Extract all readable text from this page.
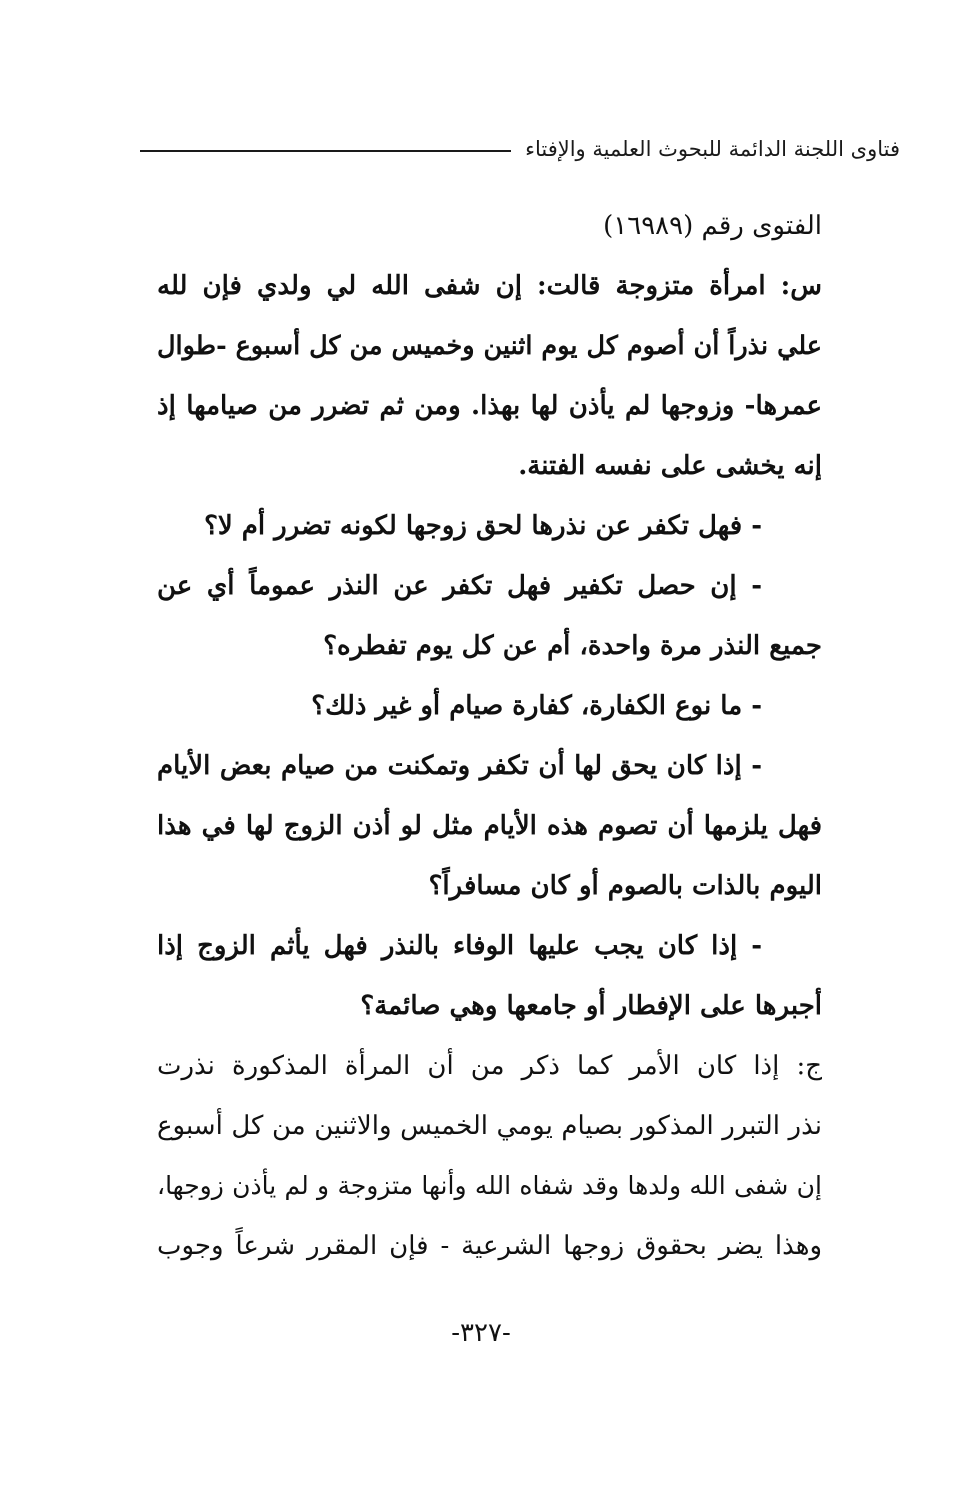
فتاوى اللجنة الدائمة للبحوث العلمية والإفتاء
الفتوى رقم (١٦٩٨٩)
س: امرأة متزوجة قالت: إن شفى الله لي ولدي فإن لله
علي نذراً أن أصوم كل يوم اثنين وخميس من كل أسبوع -طوال
عمرها- وزوجها لم يأذن لها بهذا. ومن ثم تضرر من صيامها إذ
إنه يخشى على نفسه الفتنة.
- فهل تكفر عن نذرها لحق زوجها لكونه تضرر أم لا؟
- إن حصل تكفير فهل تكفر عن النذر عموماً أي عن
جميع النذر مرة واحدة، أم عن كل يوم تفطره؟
- ما نوع الكفارة، كفارة صيام أو غير ذلك؟
- إذا كان يحق لها أن تكفر وتمكنت من صيام بعض الأيام
فهل يلزمها أن تصوم هذه الأيام مثل لو أذن الزوج لها في هذا
اليوم بالذات بالصوم أو كان مسافراً؟
- إذا كان يجب عليها الوفاء بالنذر فهل يأثم الزوج إذا
أجبرها على الإفطار أو جامعها وهي صائمة؟
ج: إذا كان الأمر كما ذكر من أن المرأة المذكورة نذرت
نذر التبرر المذكور بصيام يومي الخميس والاثنين من كل أسبوع
إن شفى الله ولدها وقد شفاه الله وأنها متزوجة و لم يأذن زوجها،
وهذا يضر بحقوق زوجها الشرعية - فإن المقرر شرعاً وجوب
-٣٢٧-
